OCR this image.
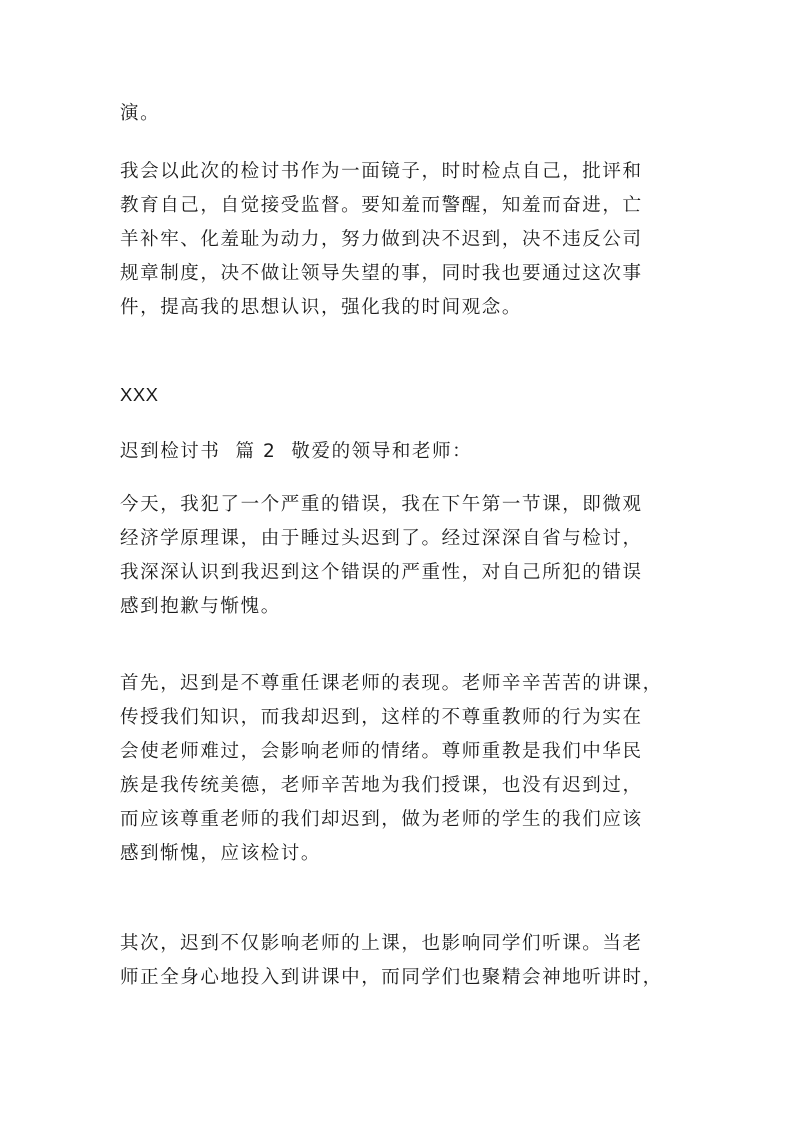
演。
我会以此次的检讨书作为一面镜子，时时检点自己，批评和
教育自己，自觉接受监督。要知羞而警醒，知羞而奋进，亡
羊补牢、化羞耻为动力，努力做到决不迟到，决不违反公司
规章制度，决不做让领导失望的事，同时我也要通过这次事
件，提高我的思想认识，强化我的时间观念。
XXX
迟到检讨书  篇 2  敬爱的领导和老师：
今天，我犯了一个严重的错误，我在下午第一节课，即微观
经济学原理课，由于睡过头迟到了。经过深深自省与检讨，
我深深认识到我迟到这个错误的严重性，对自己所犯的错误
感到抱歉与惭愧。
首先，迟到是不尊重任课老师的表现。老师辛辛苦苦的讲课，
传授我们知识，而我却迟到，这样的不尊重教师的行为实在
会使老师难过，会影响老师的情绪。尊师重教是我们中华民
族是我传统美德，老师辛苦地为我们授课，也没有迟到过，
而应该尊重老师的我们却迟到，做为老师的学生的我们应该
感到惭愧，应该检讨。
其次，迟到不仅影响老师的上课，也影响同学们听课。当老
师正全身心地投入到讲课中，而同学们也聚精会神地听讲时，
